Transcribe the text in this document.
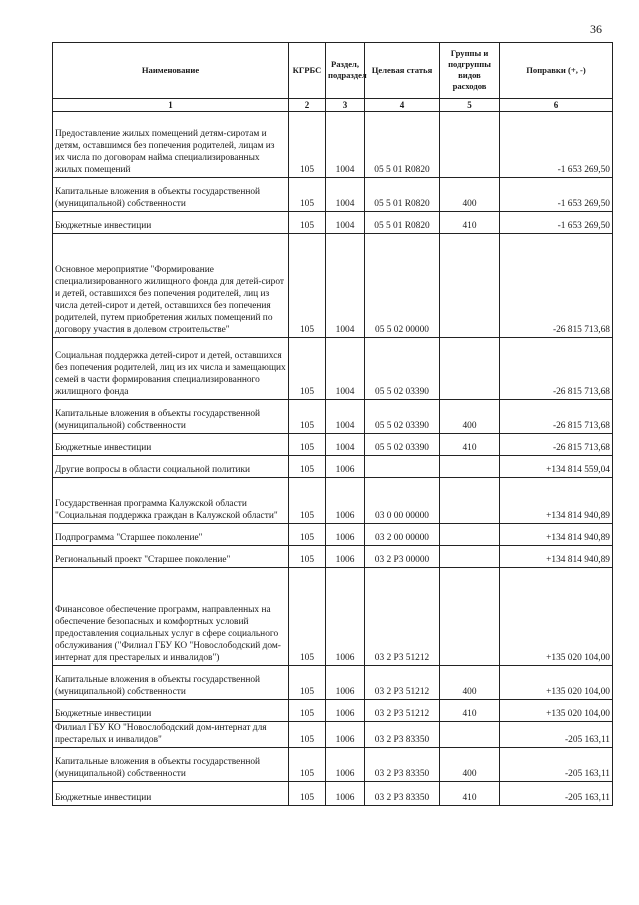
36
Наименование	КГРБС	Раздел, подраздел	Целевая статья	Группы и подгруппы видов расходов	Поправки (+, -)
1	2	3	4	5	6
Предоставление жилых помещений детям-сиротам и детям, оставшимся без попечения родителей, лицам из их числа по договорам найма специализированных жилых помещений	105	1004	05 5 01 R0820		-1 653 269,50
Капитальные вложения в объекты государственной (муниципальной) собственности	105	1004	05 5 01 R0820	400	-1 653 269,50
Бюджетные инвестиции	105	1004	05 5 01 R0820	410	-1 653 269,50
Основное мероприятие "Формирование специализированного жилищного фонда для детей-сирот и детей, оставшихся без попечения родителей, лиц из числа детей-сирот и детей, оставшихся без попечения родителей, путем приобретения жилых помещений по договору участия в долевом строительстве"	105	1004	05 5 02 00000		-26 815 713,68
Социальная поддержка детей-сирот и детей, оставшихся без попечения родителей, лиц из их числа и замещающих семей в части формирования специализированного жилищного фонда	105	1004	05 5 02 03390		-26 815 713,68
Капитальные вложения в объекты государственной (муниципальной) собственности	105	1004	05 5 02 03390	400	-26 815 713,68
Бюджетные инвестиции	105	1004	05 5 02 03390	410	-26 815 713,68
Другие вопросы в области социальной политики	105	1006			+134 814 559,04
Государственная программа Калужской области "Социальная поддержка граждан в Калужской области"	105	1006	03 0 00 00000		+134 814 940,89
Подпрограмма "Старшее поколение"	105	1006	03 2 00 00000		+134 814 940,89
Региональный проект "Старшее поколение"	105	1006	03 2 P3 00000		+134 814 940,89
Финансовое обеспечение программ, направленных на обеспечение безопасных и комфортных условий предоставления социальных услуг в сфере социального обслуживания ("Филиал ГБУ КО "Новослободский дом-интернат для престарелых и инвалидов")	105	1006	03 2 P3 51212		+135 020 104,00
Капитальные вложения в объекты государственной (муниципальной) собственности	105	1006	03 2 P3 51212	400	+135 020 104,00
Бюджетные инвестиции	105	1006	03 2 P3 51212	410	+135 020 104,00
Филиал ГБУ КО "Новослободский дом-интернат для престарелых и инвалидов"	105	1006	03 2 P3 83350		-205 163,11
Капитальные вложения в объекты государственной (муниципальной) собственности	105	1006	03 2 P3 83350	400	-205 163,11
Бюджетные инвестиции	105	1006	03 2 P3 83350	410	-205 163,11
